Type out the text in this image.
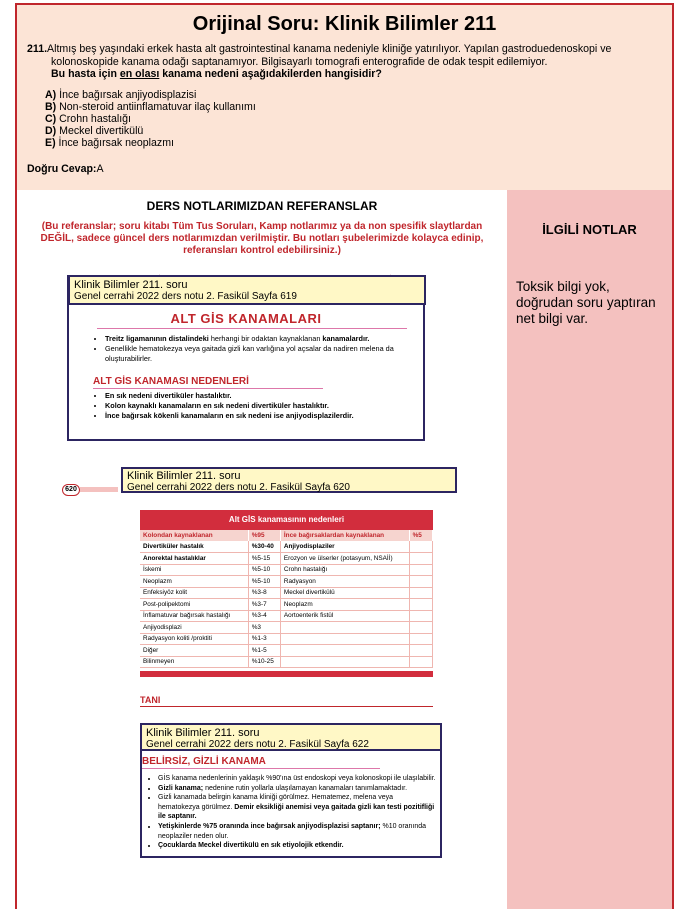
Orijinal Soru: Klinik Bilimler 211
211.Altmış beş yaşındaki erkek hasta alt gastrointestinal kanama nedeniyle kliniğe yatırılıyor. Yapılan gastroduedenoskopi ve
kolonoskopide kanama odağı saptanamıyor. Bilgisayarlı tomografi enterografide de odak tespit edilemiyor.
Bu hasta için en olası kanama nedeni aşağıdakilerden hangisidir?
A) İnce bağırsak anjiyodisplazisi
B) Non-steroid antiinflamatuvar ilaç kullanımı
C) Crohn hastalığı
D) Meckel divertikülü
E) İnce bağırsak neoplazmı
Doğru Cevap:A
DERS NOTLARIMIZDAN REFERANSLAR
(Bu referanslar; soru kitabı Tüm Tus Soruları, Kamp notlarımız ya da non spesifik slaytlardan DEĞİL, sadece güncel ders notlarımızdan verilmiştir. Bu notları şubelerimizde kolayca edinip, referansları kontrol edebilirsiniz.)
İLGİLİ NOTLAR
Toksik bilgi yok, doğrudan soru yaptıran net bilgi var.
ALT GİS KANAMALARI
• Treitz ligamanının distalindeki herhangi bir odaktan kaynaklanan kanamalardır.
• Genellikle hematokezya veya gaitada gizli kan varlığına yol açsalar da nadiren melena da oluşturabilirler.
ALT GİS KANAMASI NEDENLERİ
• En sık nedeni divertiküler hastalıktır.
• Kolon kaynaklı kanamaların en sık nedeni divertiküler hastalıktır.
• İnce bağırsak kökenli kanamaların en sık nedeni ise anjiyodisplazilerdir.
Klinik Bilimler 211. soru
Genel cerrahi 2022 ders notu 2. Fasikül Sayfa 619
620
Alt GİS kanamasının nedenleri
Kolondan kaynaklanan	%95	İnce bağırsaklardan kaynaklanan	%5
Divertiküler hastalık	%30-40	Anjiyodisplaziler	
Anorektal hastalıklar	%5-15	Erozyon ve ülserler (potasyum, NSAİİ)	
İskemi	%5-10	Crohn hastalığı	
Neoplazm	%5-10	Radyasyon	
Enfeksiyöz kolit	%3-8	Meckel divertikülü	
Post-polipektomi	%3-7	Neoplazm	
İnflamatuvar bağırsak hastalığı	%3-4	Aortoenterik fistül	
Anjiyodisplazi	%3		
Radyasyon koliti /proktiti	%1-3		
Diğer	%1-5		
Bilinmeyen	%10-25		
TANI
Klinik Bilimler 211. soru
Genel cerrahi 2022 ders notu 2. Fasikül Sayfa 620
BELİRSİZ, GİZLİ KANAMA
• GİS kanama nedenlerinin yaklaşık %90'ına üst endoskopi veya kolonoskopi ile ulaşılabilir.
• Gizli kanama; nedenine rutin yollarla ulaşılamayan kanamaları tanımlamaktadır.
• Gizli kanamada belirgin kanama kliniği görülmez. Hematemez, melena veya hematokezya görülmez. Demir eksikliği anemisi veya gaitada gizli kan testi pozitifliği ile saptanır.
• Yetişkinlerde %75 oranında ince bağırsak anjiyodisplazisi saptanır; %10 oranında neoplaziler neden olur.
• Çocuklarda Meckel divertikülü en sık etiyolojik etkendir.
Klinik Bilimler 211. soru
Genel cerrahi 2022 ders notu 2. Fasikül Sayfa 622
